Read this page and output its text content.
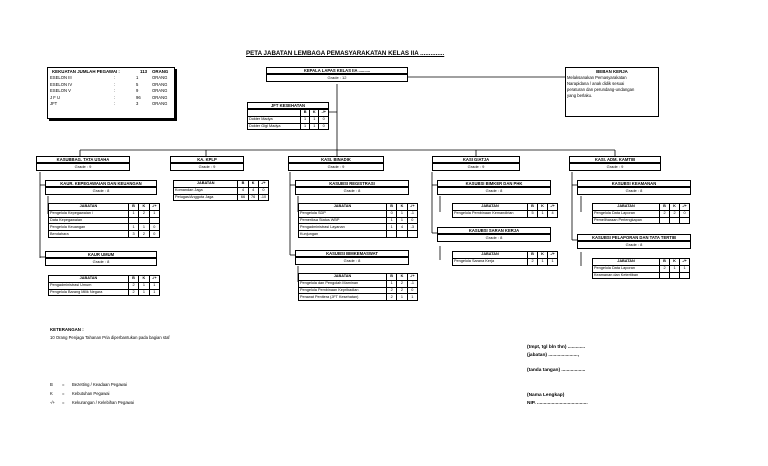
PETA JABATAN LEMBAGA PEMASYARAKATAN KELAS IIA ..............
KEKUATAN JUMLAH PEGAWAI :	113 ORANG
ESELON III	:	1	ORANG
ESELON IV	:	5	ORANG
ESELON V	:	9	ORANG
J F U	:	96	ORANG
JFT	:	3	ORANG
KEPALA LAPAS KELAS IIA ..........
Grade : 12
BEBAN KERJA
Melaksanakan Pemasyarakatan
Narapidana / anak didik sesuai
peraturan dan perundang-undangan
yang berlaku.
JFT KESEHATAN
	B	K	-/+
Dokter Madya	1	1	0
Dokter Gigi Madya	1	1	0
KASUBBAG. TATA USAHA
Grade : 9
KA. KPLP
Grade : 9
KASI. BINADIK
Grade : 9
KASI GIATJA
Grade : 9
KASI. ADM. KAMTIB
Grade : 9
JABATAN	B	K	-/+
Komandan Jaga	4	4	0
Petugas/Anggota Jaga	66	76	-10
KAUR. KEPEGAWAIAN DAN KEUANGAN
Grade : 8
JABATAN	B	K	-/+
Pengelola Kepegawaian /	1	2	1
Data Kepegawaian			
Pengelola Keuangan	1	1	0
Bendahara	3	2	0
KAUR UMUM
Grade : 8
JABATAN	B	K	-/+
Pengadministrasi Umum	2	1	1
Pengelola Barang Milik Negara	2	1	1
KASUBSI REGISTRASI
Grade : 8
JABATAN	B	K	-/+
Pengelola SDP	0	1	-1
Pemeriksa Status WBP	1	1	0
Pengadministrasi Layanan	1	4	-3
Kunjungan			
KASUBSI BIMKEMASWAT
Grade : 8
JABATAN	B	K	-/+
Pengelola dan Pengolah Maminan	1	2	-1
Pengelola Pembinaan Kepribadian	2	2	0
Perawat Penitera (JFT Kesehatan)	2	1	1
KASUBSI BIMKER DAN PHK
Grade : 8
JABATAN	B	K	-/+
Pengelola Pembinaan Kemandirian	5	1	4
KASUBSI SARAN KERJA
Grade : 8
JABATAN	B	K	-/+
Pengelola Sarana Kerja	2	1	1
KASUBSI KEAMANAN
Grade : 8
JABATAN	B	K	-/+
Pengelola Data Laporan	2	2	0
Pemeliharaan Perlengkapan			
KASUBSI PELAPORAN DAN TATA TERTIB
Grade : 8
JABATAN	B	K	-/+
Pengelola Data Laporan	2	1	1
Keamanan dan Ketertiban			
KETERANGAN :
10 Orang Penjaga Tahanan Pria diperbantukan pada bagian staf
B = Bezetting / Keadaan Pegawai
K = Kebutuhan Pegawai
-/+ = Kekurangan / Kelebihan Pegawai
(tmpt, tgl bln thn) .............
(jabatan) ......................,
(tanda tangan) ..................
(Nama Lengkap)
NIP. ......................................
